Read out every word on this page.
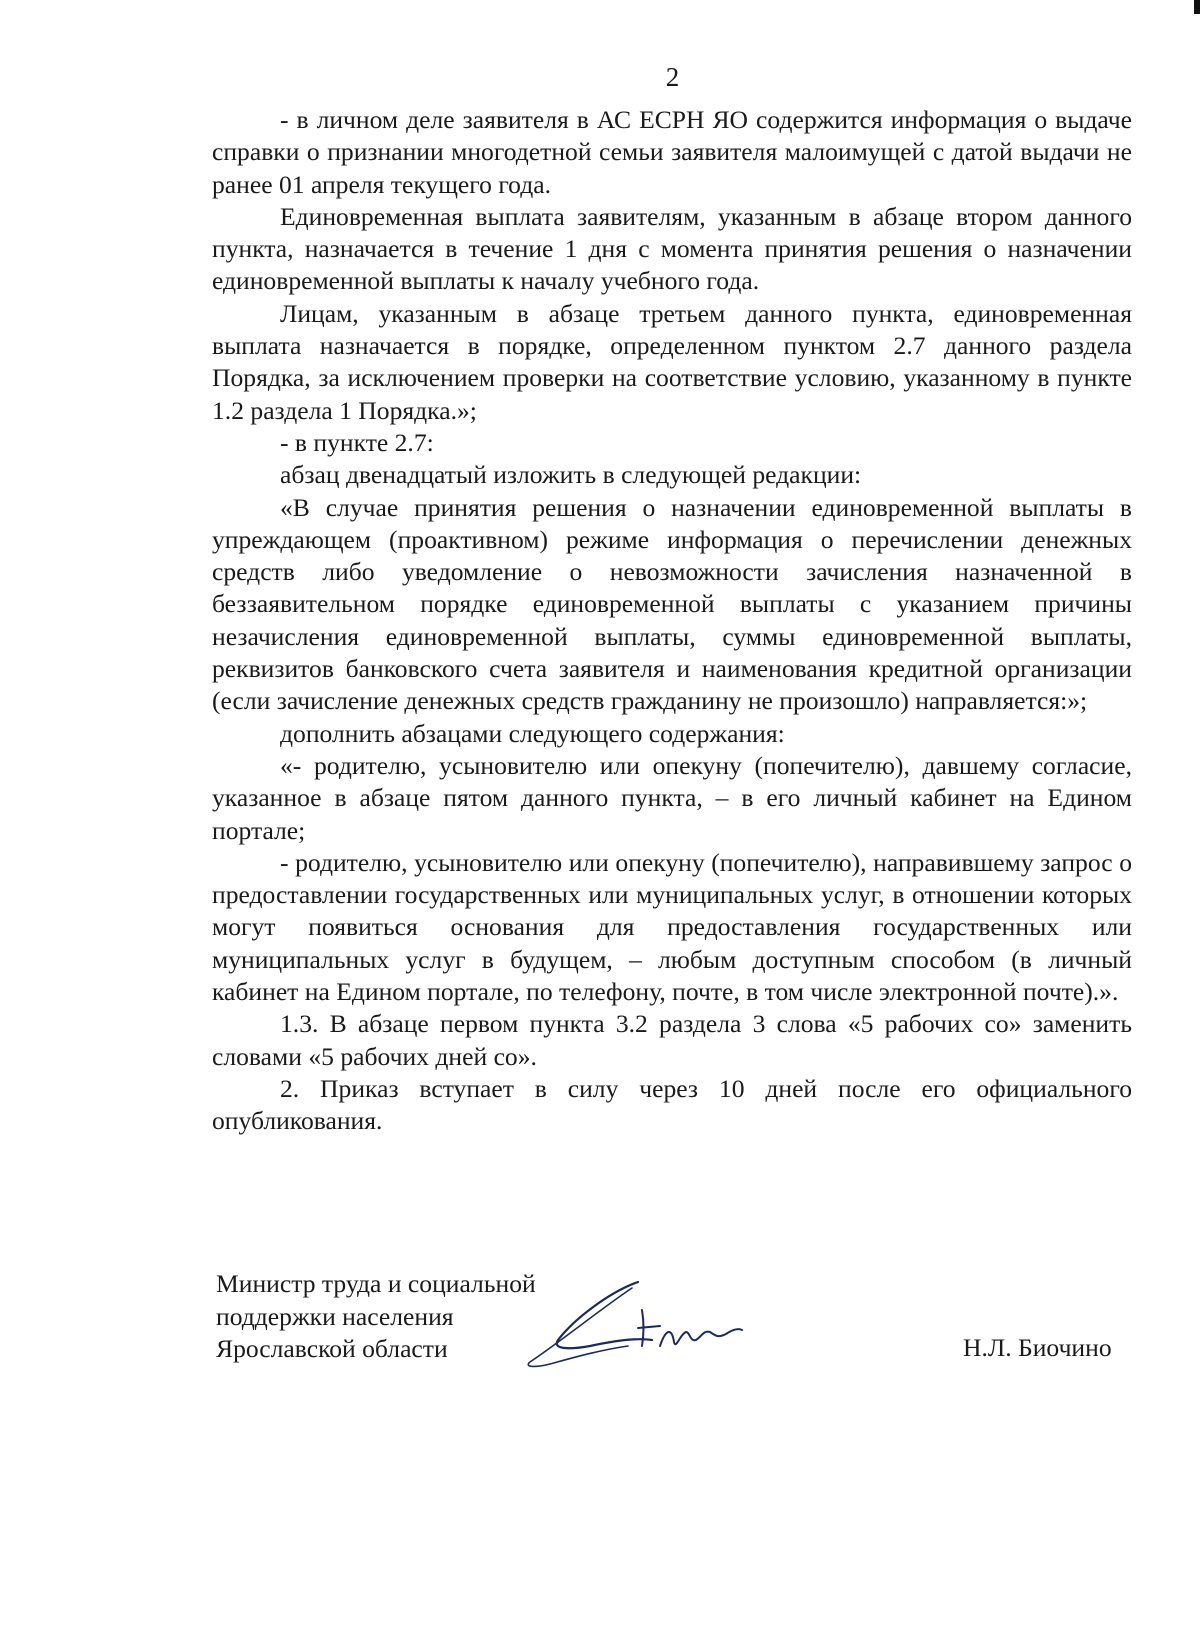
2

- в личном деле заявителя в АС ЕСРН ЯО содержится информация о выдаче справки о признании многодетной семьи заявителя малоимущей с датой выдачи не ранее 01 апреля текущего года.

Единовременная выплата заявителям, указанным в абзаце втором данного пункта, назначается в течение 1 дня с момента принятия решения о назначении единовременной выплаты к началу учебного года.

Лицам, указанным в абзаце третьем данного пункта, единовременная выплата назначается в порядке, определенном пунктом 2.7 данного раздела Порядка, за исключением проверки на соответствие условию, указанному в пункте 1.2 раздела 1 Порядка.»;

- в пункте 2.7:

абзац двенадцатый изложить в следующей редакции:

«В случае принятия решения о назначении единовременной выплаты в упреждающем (проактивном) режиме информация о перечислении денежных средств либо уведомление о невозможности зачисления назначенной в беззаявительном порядке единовременной выплаты с указанием причины незачисления единовременной выплаты, суммы единовременной выплаты, реквизитов банковского счета заявителя и наименования кредитной организации (если зачисление денежных средств гражданину не произошло) направляется:»;

дополнить абзацами следующего содержания:

«- родителю, усыновителю или опекуну (попечителю), давшему согласие, указанное в абзаце пятом данного пункта, – в его личный кабинет на Едином портале;

- родителю, усыновителю или опекуну (попечителю), направившему запрос о предоставлении государственных или муниципальных услуг, в отношении которых могут появиться основания для предоставления государственных или муниципальных услуг в будущем, – любым доступным способом (в личный кабинет на Едином портале, по телефону, почте, в том числе электронной почте).».

1.3. В абзаце первом пункта 3.2 раздела 3 слова «5 рабочих со» заменить словами «5 рабочих дней со».

2. Приказ вступает в силу через 10 дней после его официального опубликования.

Министр труда и социальной
поддержки населения
Ярославской области	Н.Л. Биочино
